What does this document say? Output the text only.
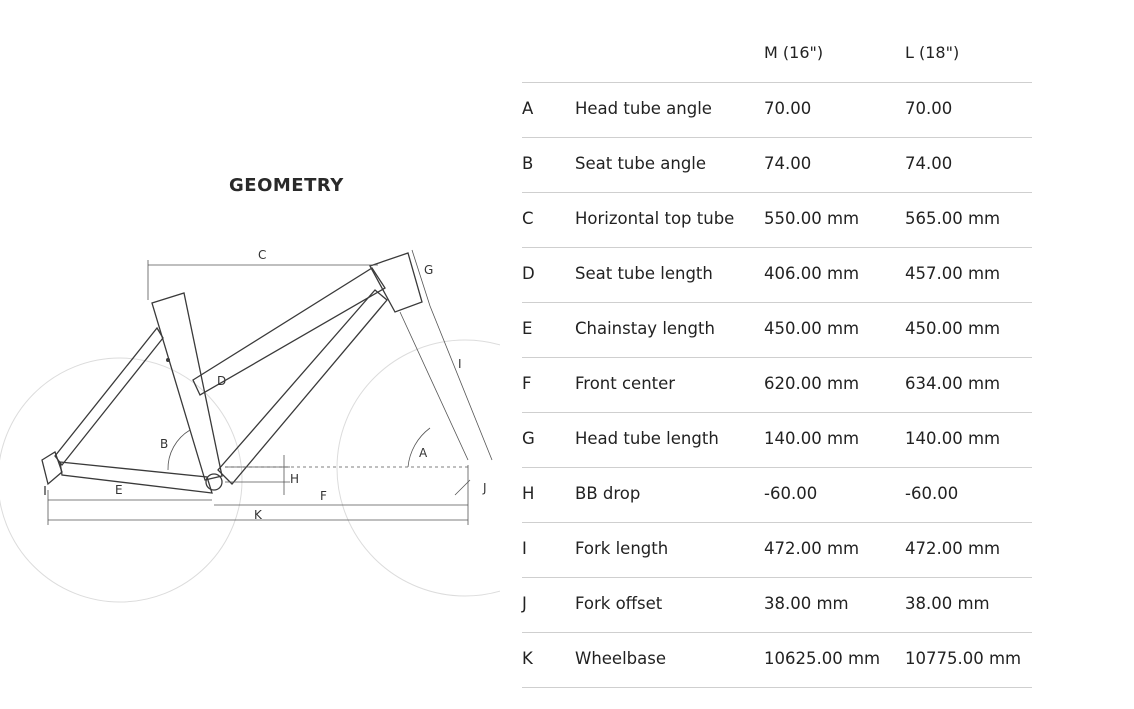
GEOMETRY
C
G
I
D
B
A
H
J
E	F
K
M (16")	L (18")
A	Head tube angle	70.00	70.00
B	Seat tube angle	74.00	74.00
C	Horizontal top tube 550.00 mm	565.00 mm
D Seat tube length	406.00 mm	457.00 mm
E	Chainstay length	450.00 mm	450.00 mm
F	Front center	620.00 mm	634.00 mm
G Head tube length	140.00 mm	140.00 mm
H BB drop	-60.00	-60.00
I	Fork length	472.00 mm	472.00 mm
J	Fork offset	38.00 mm	38.00 mm
K	Wheelbase	10625.00 mm 10775.00 mm
